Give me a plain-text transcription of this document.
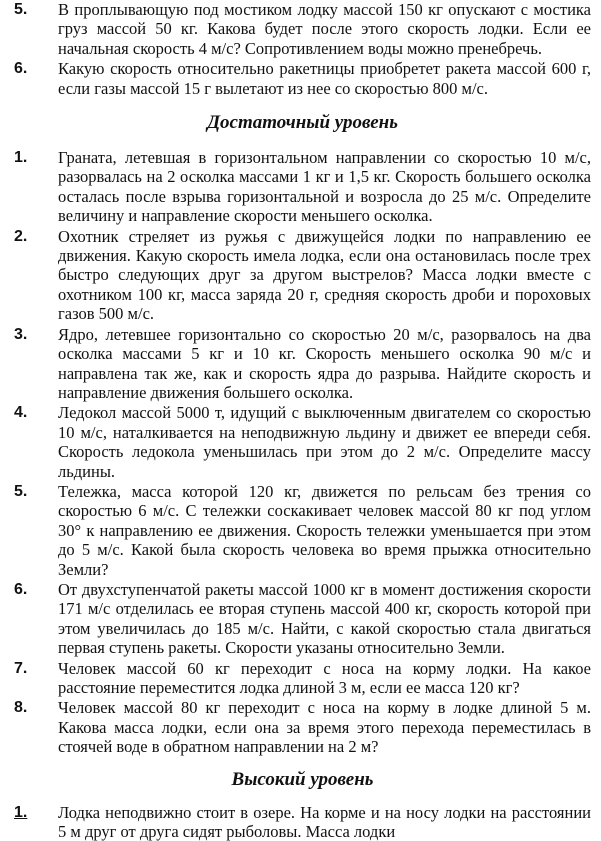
5.	В проплывающую под мостиком лодку массой 150 кг опускают с мостика груз массой 50 кг. Какова будет после этого скорость лодки. Если ее начальная скорость 4 м/с? Сопротивлением воды можно пренебречь.
6.	Какую скорость относительно ракетницы приобретет ракета массой 600 г, если газы массой 15 г вылетают из нее со скоростью 800 м/с.
Достаточный уровень
1.	Граната, летевшая в горизонтальном направлении со скоростью 10 м/с, разорвалась на 2 осколка массами 1 кг и 1,5 кг. Скорость большего осколка осталась после взрыва горизонтальной и возросла до 25 м/с. Определите величину и направление скорости меньшего осколка.
2.	Охотник стреляет из ружья с движущейся лодки по направлению ее движения. Какую скорость имела лодка, если она остановилась после трех быстро следующих друг за другом выстрелов? Масса лодки вместе с охотником 100 кг, масса заряда 20 г, средняя скорость дроби и пороховых газов 500 м/с.
3.	Ядро, летевшее горизонтально со скоростью 20 м/с, разорвалось на два осколка массами 5 кг и 10 кг. Скорость меньшего осколка 90 м/с и направлена так же, как и скорость ядра до разрыва. Найдите скорость и направление движения большего осколка.
4.	Ледокол массой 5000 т, идущий с выключенным двигателем со скоростью 10 м/с, наталкивается на неподвижную льдину и движет ее впереди себя. Скорость ледокола уменьшилась при этом до 2 м/с. Определите массу льдины.
5.	Тележка, масса которой 120 кг, движется по рельсам без трения со скоростью 6 м/с. С тележки соскакивает человек массой 80 кг под углом 30° к направлению ее движения. Скорость тележки уменьшается при этом до 5 м/с. Какой была скорость человека во время прыжка относительно Земли?
6.	От двухступенчатой ракеты массой 1000 кг в момент достижения скорости 171 м/с отделилась ее вторая ступень массой 400 кг, скорость которой при этом увеличилась до 185 м/с. Найти, с какой скоростью стала двигаться первая ступень ракеты. Скорости указаны относительно Земли.
7.	Человек массой 60 кг переходит с носа на корму лодки. На какое расстояние переместится лодка длиной 3 м, если ее масса 120 кг?
8.	Человек массой 80 кг переходит с носа на корму в лодке длиной 5 м. Какова масса лодки, если она за время этого перехода переместилась в стоячей воде в обратном направлении на 2 м?
Высокий уровень
1.	Лодка неподвижно стоит в озере. На корме и на носу лодки на расстоянии 5 м друг от друга сидят рыболовы. Масса лодки
